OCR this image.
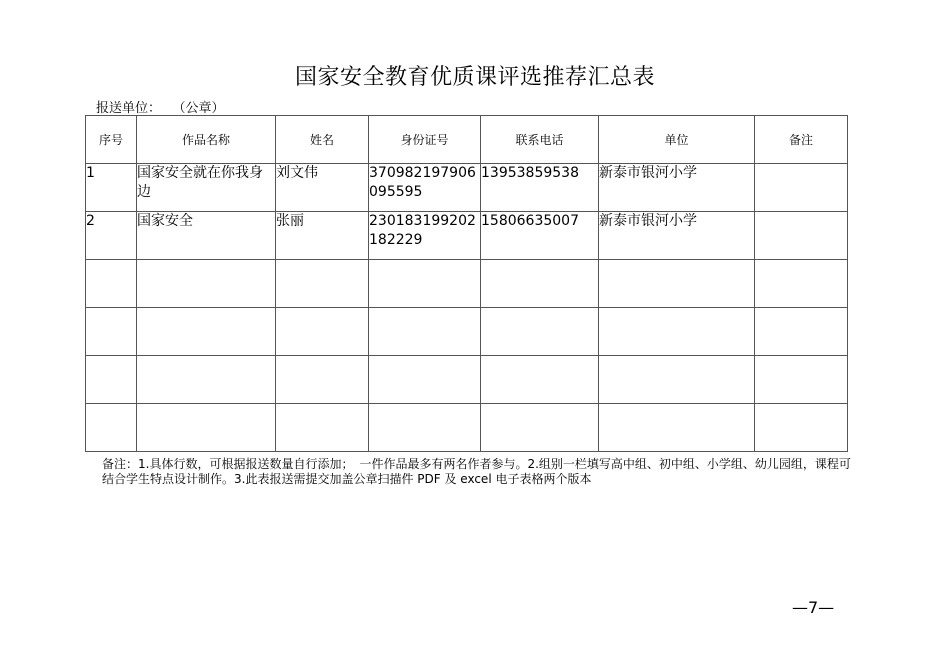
国家安全教育优质课评选推荐汇总表
报送单位： （公章）
序号	作品名称	姓名	身份证号	联系电话	单位	备注
1	国家安全就在你我身边	刘文伟	370982197906095595	13953859538	新泰市银河小学	
2	国家安全	张丽	230183199202182229	15806635007	新泰市银河小学	

备注：1.具体行数，可根据报送数量自行添加；　一件作品最多有两名作者参与。2.组别一栏填写高中组、初中组、小学组、幼儿园组，课程可结合学生特点设计制作。3.此表报送需提交加盖公章扫描件 PDF 及 excel 电子表格两个版本
—7—
